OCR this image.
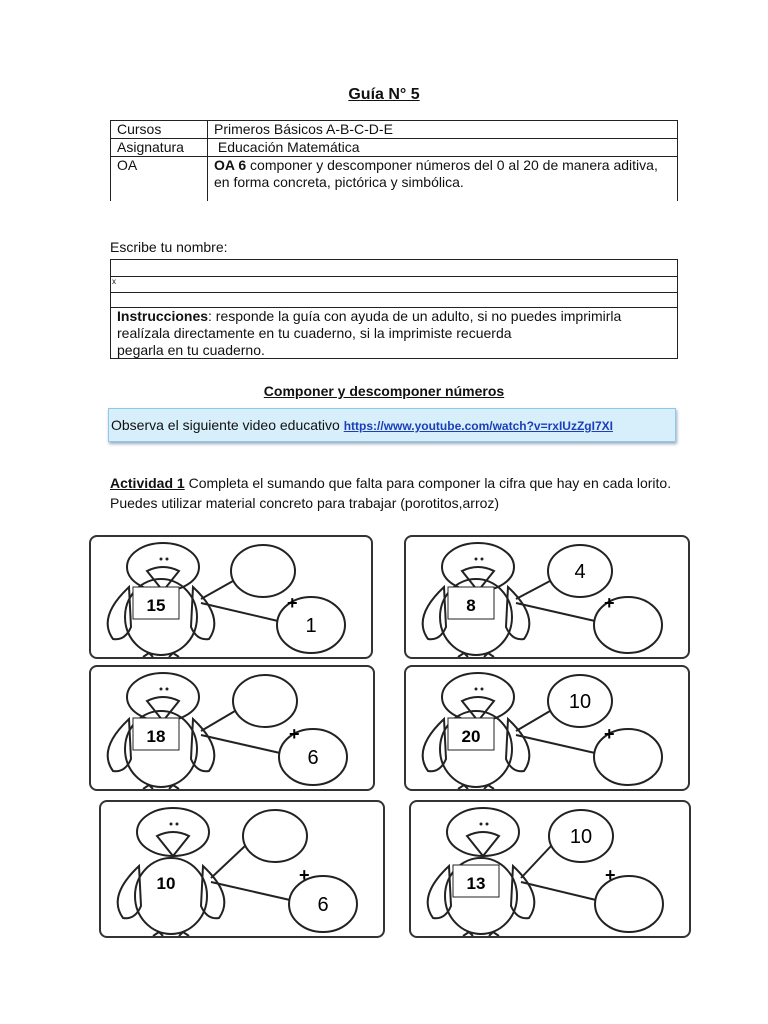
Guía N° 5
Cursos	Primeros Básicos A-B-C-D-E
Asignatura	Educación Matemática
OA	OA 6 componer y descomponer números del 0 al 20 de manera aditiva, en forma concreta, pictórica y simbólica.
Escribe tu nombre:
x
Instrucciones: responde la guía con ayuda de un adulto, si no puedes imprimirla
realízala directamente en tu cuaderno, si la imprimiste recuerda
pegarla en tu cuaderno.
Componer y descomponer números
Observa el siguiente video educativo https://www.youtube.com/watch?v=rxIUzZgI7XI
Actividad 1 Completa el sumando que falta para componer la cifra que hay en cada lorito. Puedes utilizar material concreto para trabajar (porotitos,arroz)
+
1
15	+
4
8
+
6
18	+
10
20
+
6
10	+
10
13
